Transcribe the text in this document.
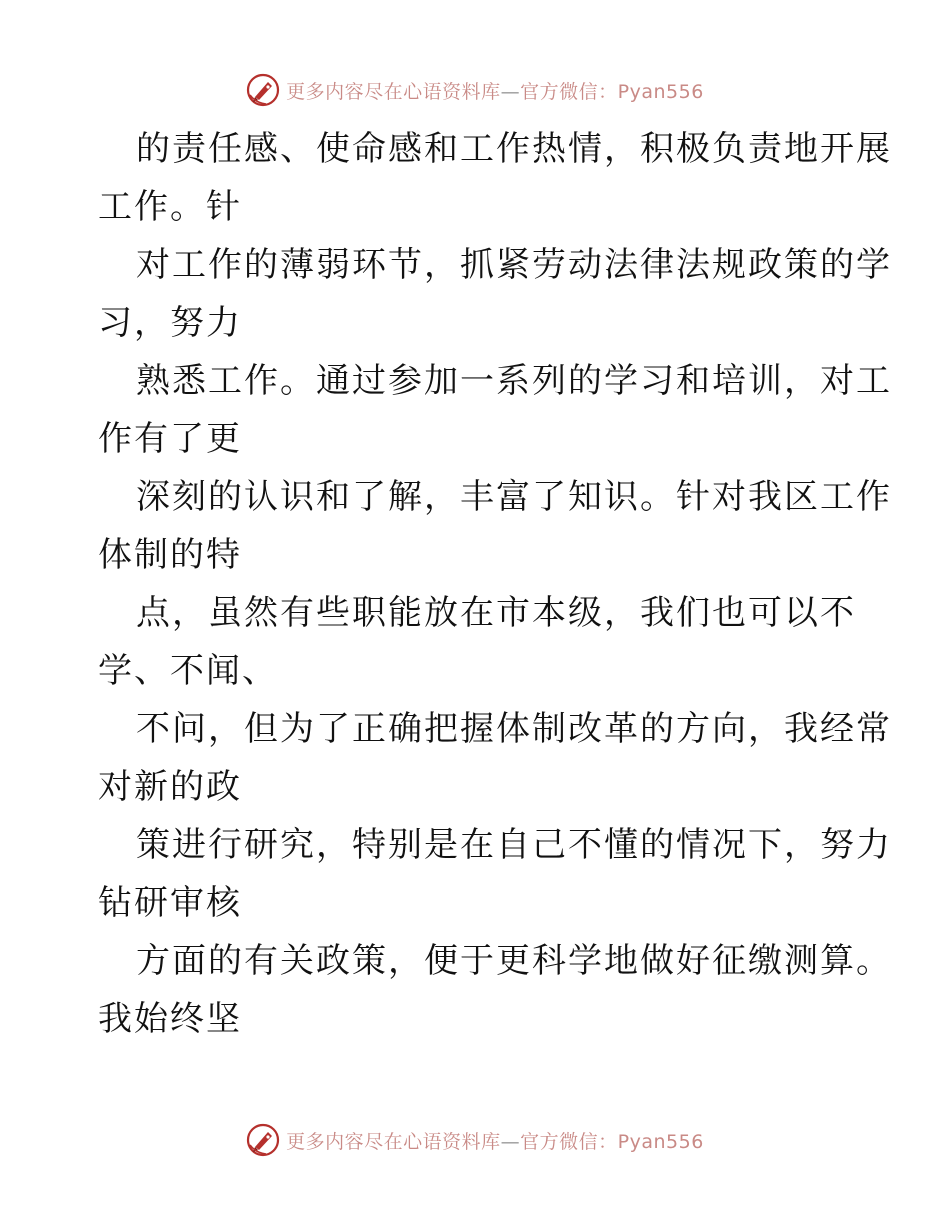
更多内容尽在心语资料库—官方微信：Pyan556
的责任感、使命感和工作热情，积极负责地开展
工作。针
对工作的薄弱环节，抓紧劳动法律法规政策的学
习，努力
熟悉工作。通过参加一系列的学习和培训，对工
作有了更
深刻的认识和了解，丰富了知识。针对我区工作
体制的特
点，虽然有些职能放在市本级，我们也可以不
学、不闻、
不问，但为了正确把握体制改革的方向，我经常
对新的政
策进行研究，特别是在自己不懂的情况下，努力
钻研审核
方面的有关政策，便于更科学地做好征缴测算。
我始终坚
更多内容尽在心语资料库—官方微信：Pyan556
